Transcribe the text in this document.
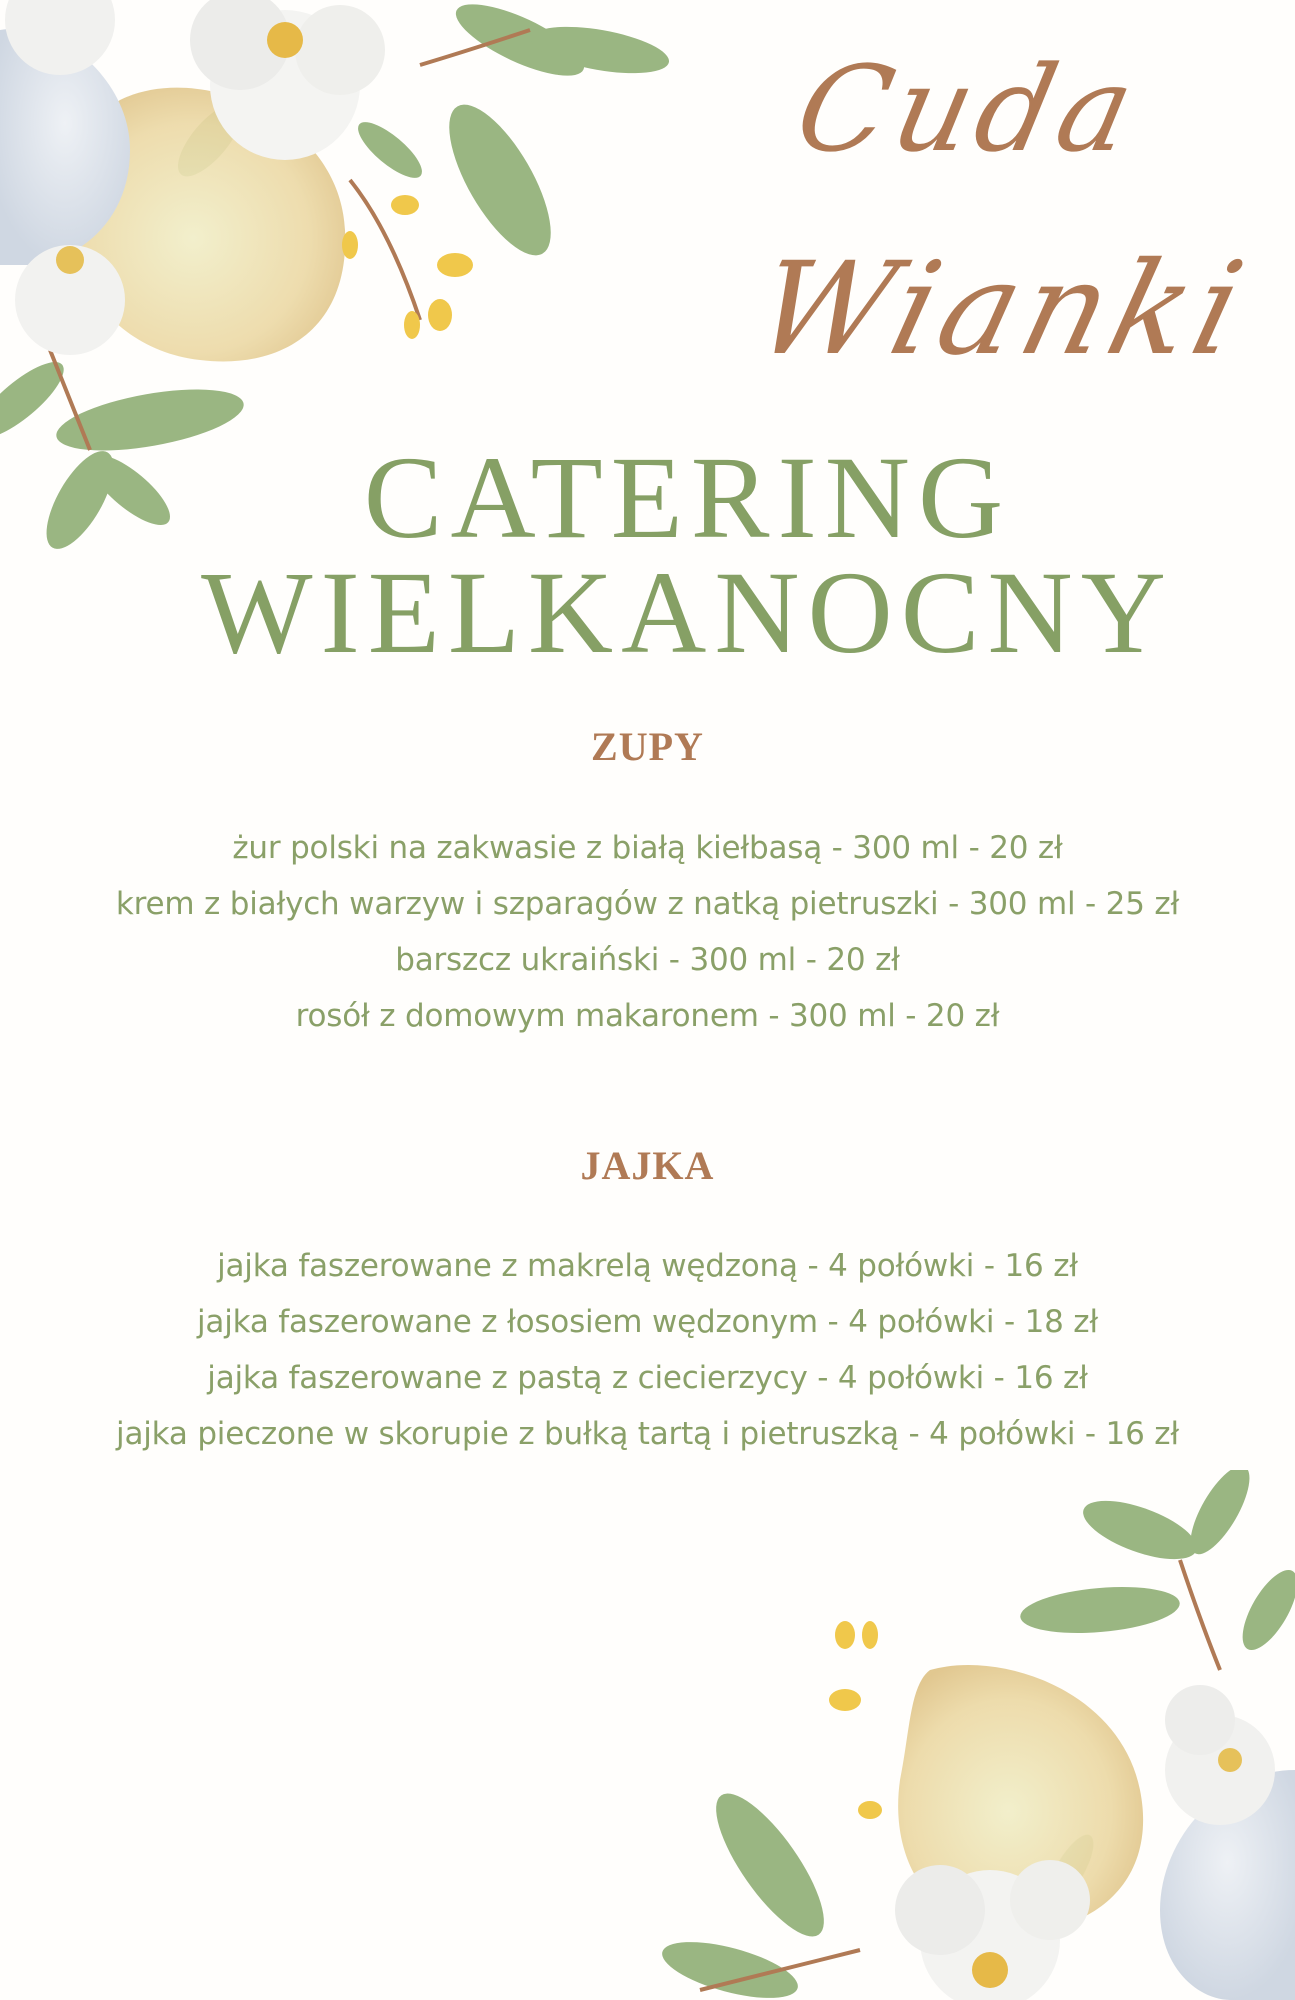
Cuda
Wianki
CATERING
WIELKANOCNY
ZUPY
żur polski na zakwasie z białą kiełbasą - 300 ml - 20 zł
krem z białych warzyw i szparagów z natką pietruszki - 300 ml - 25 zł
barszcz ukraiński - 300 ml - 20 zł
rosół z domowym makaronem - 300 ml - 20 zł
JAJKA
jajka faszerowane z makrelą wędzoną - 4 połówki - 16 zł
jajka faszerowane z łososiem wędzonym - 4 połówki - 18 zł
jajka faszerowane z pastą z ciecierzycy - 4 połówki - 16 zł
jajka pieczone w skorupie z bułką tartą i pietruszką - 4 połówki - 16 zł
